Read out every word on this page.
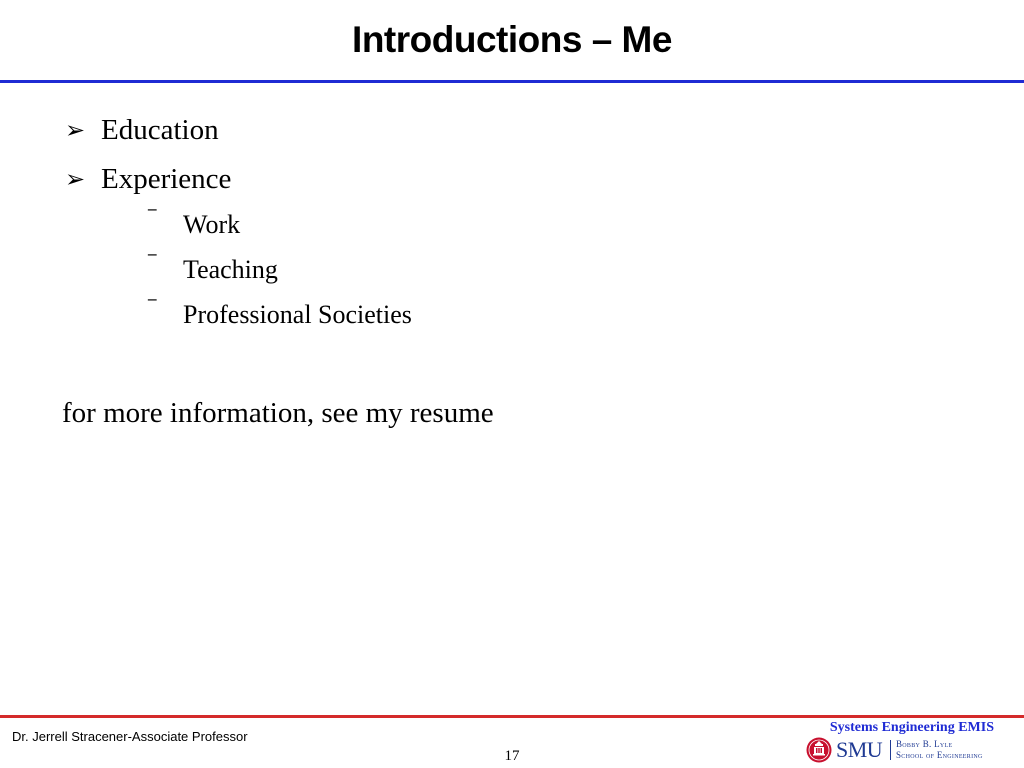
Introductions – Me
➢ Education
➢ Experience
‾	Work
‾	Teaching
‾	Professional Societies
for more information, see my resume
Dr. Jerrell Stracener-Associate Professor
17
Systems Engineering EMIS
SMU Bobby B. Lyle
School of Engineering
